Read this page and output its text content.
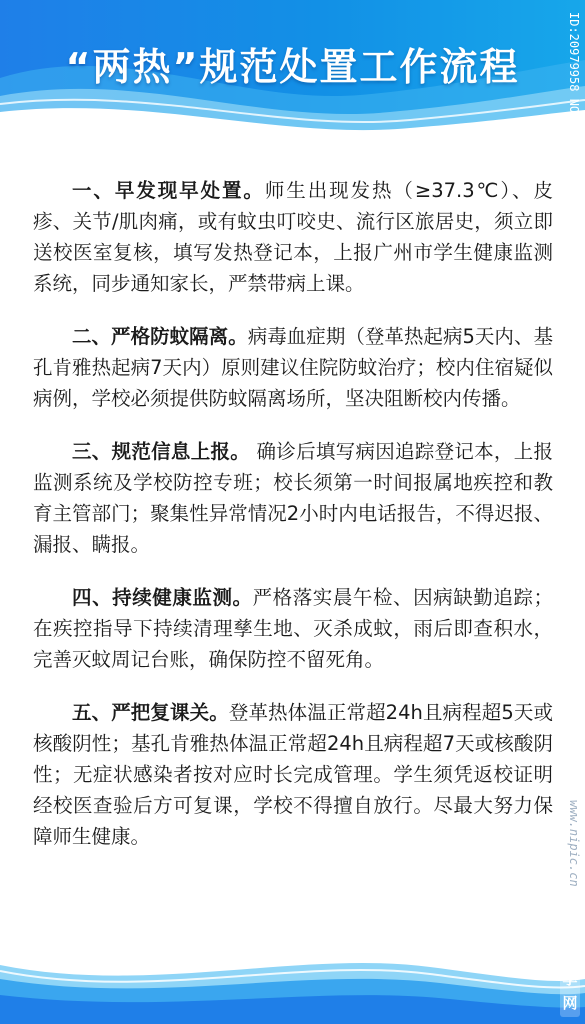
“两热”规范处置工作流程

一、早发现早处置。师生出现发热（≥37.3℃）、皮疹、关节/肌肉痛，或有蚊虫叮咬史、流行区旅居史，须立即送校医室复核，填写发热登记本，上报广州市学生健康监测系统，同步通知家长，严禁带病上课。

二、严格防蚊隔离。病毒血症期（登革热起病5天内、基孔肯雅热起病7天内）原则建议住院防蚊治疗；校内住宿疑似病例，学校必须提供防蚊隔离场所，坚决阻断校内传播。

三、规范信息上报。 确诊后填写病因追踪登记本，上报监测系统及学校防控专班；校长须第一时间报属地疾控和教育主管部门；聚集性异常情况2小时内电话报告，不得迟报、漏报、瞒报。

四、持续健康监测。严格落实晨午检、因病缺勤追踪；在疾控指导下持续清理孳生地、灭杀成蚊，雨后即查积水，完善灭蚊周记台账，确保防控不留死角。

五、严把复课关。登革热体温正常超24h且病程超5天或核酸阴性；基孔肯雅热体温正常超24h且病程超7天或核酸阴性；无症状感染者按对应时长完成管理。学生须凭返校证明经校医查验后方可复课，学校不得擅自放行。尽最大努力保障师生健康。

ID:20979958 NO:20260921617127560107
www.nipic.cn
昵
享
网
